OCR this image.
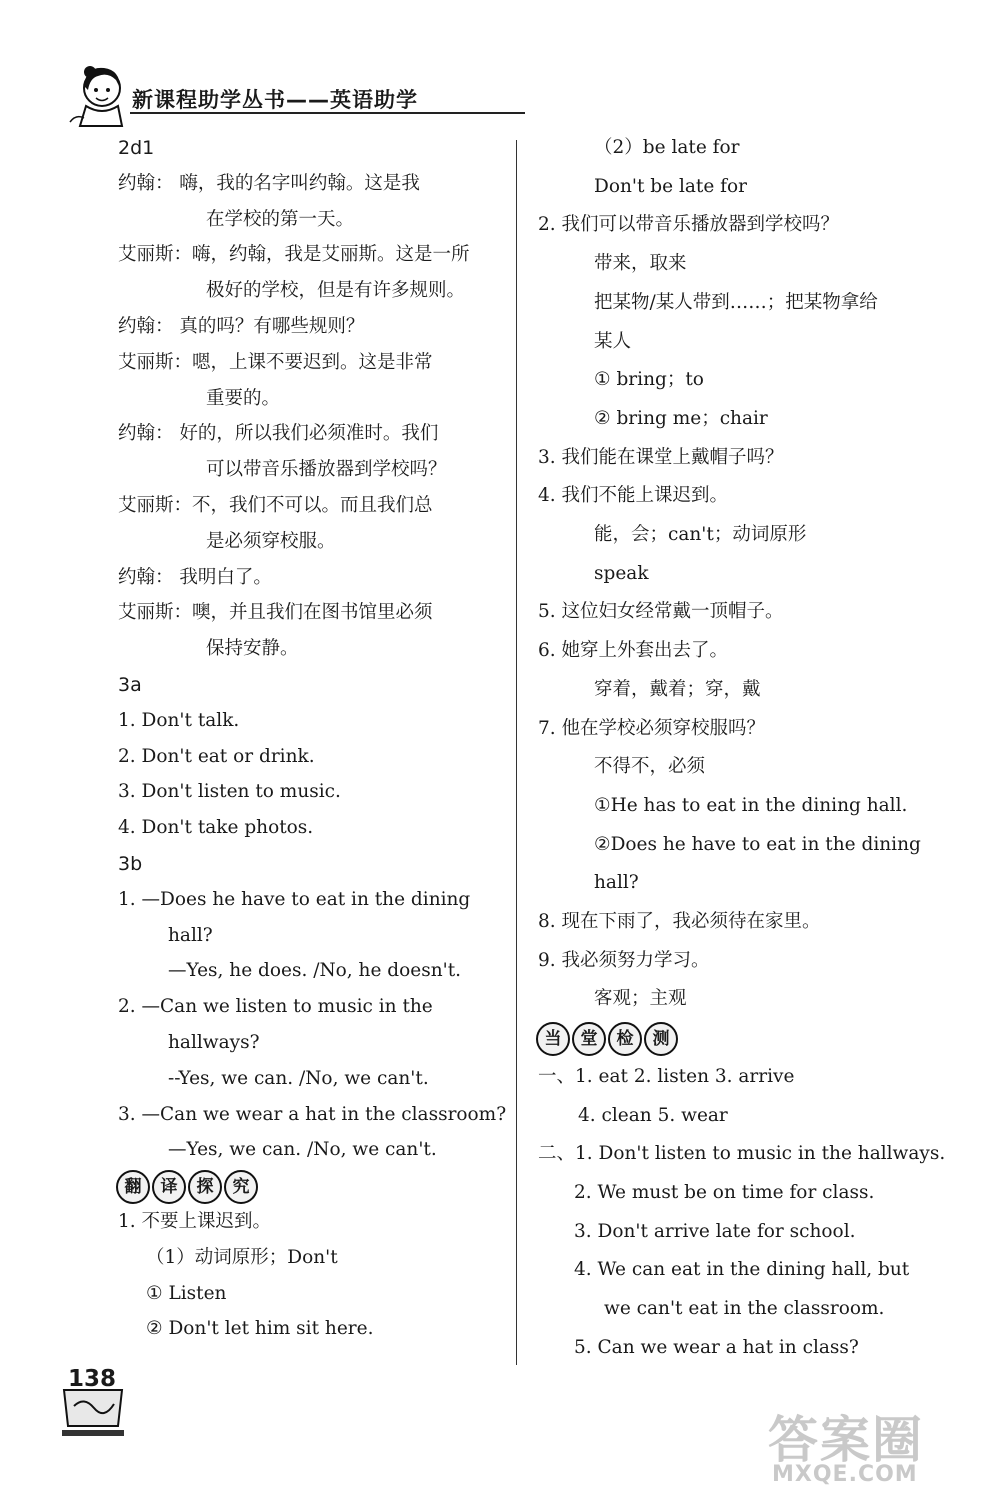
新课程助学丛书——英语助学
2d1
约翰： 嗨，我的名字叫约翰。这是我
在学校的第一天。
艾丽斯：嗨，约翰，我是艾丽斯。这是一所
极好的学校，但是有许多规则。
约翰： 真的吗？有哪些规则？
艾丽斯：嗯，上课不要迟到。这是非常
重要的。
约翰： 好的，所以我们必须准时。我们
可以带音乐播放器到学校吗？
艾丽斯：不，我们不可以。而且我们总
是必须穿校服。
约翰： 我明白了。
艾丽斯：噢，并且我们在图书馆里必须
保持安静。
3a
1. Don't talk.
2. Don't eat or drink.
3. Don't listen to music.
4. Don't take photos.
3b
1. —Does he have to eat in the dining
hall?
—Yes, he does. /No, he doesn't.
2. —Can we listen to music in the
hallways?
--Yes, we can. /No, we can't.
3. —Can we wear a hat in the classroom?
—Yes, we can. /No, we can't.
翻 译 探 究
1. 不要上课迟到。
（1）动词原形；Don't
① Listen
② Don't let him sit here.
（2）be late for
Don't be late for
2. 我们可以带音乐播放器到学校吗？
带来，取来
把某物/某人带到……；把某物拿给
某人
① bring；to
② bring me；chair
3. 我们能在课堂上戴帽子吗？
4. 我们不能上课迟到。
能，会；can't；动词原形
speak
5. 这位妇女经常戴一顶帽子。
6. 她穿上外套出去了。
穿着，戴着；穿，戴
7. 他在学校必须穿校服吗？
不得不，必须
①He has to eat in the dining hall.
②Does he have to eat in the dining
hall?
8. 现在下雨了，我必须待在家里。
9. 我必须努力学习。
客观；主观
当 堂 检 测
一、1. eat 2. listen 3. arrive
4. clean 5. wear
二、1. Don't listen to music in the hallways.
2. We must be on time for class.
3. Don't arrive late for school.
4. We can eat in the dining hall, but
we can't eat in the classroom.
5. Can we wear a hat in class?
138
答案圈
MXQE.COM
